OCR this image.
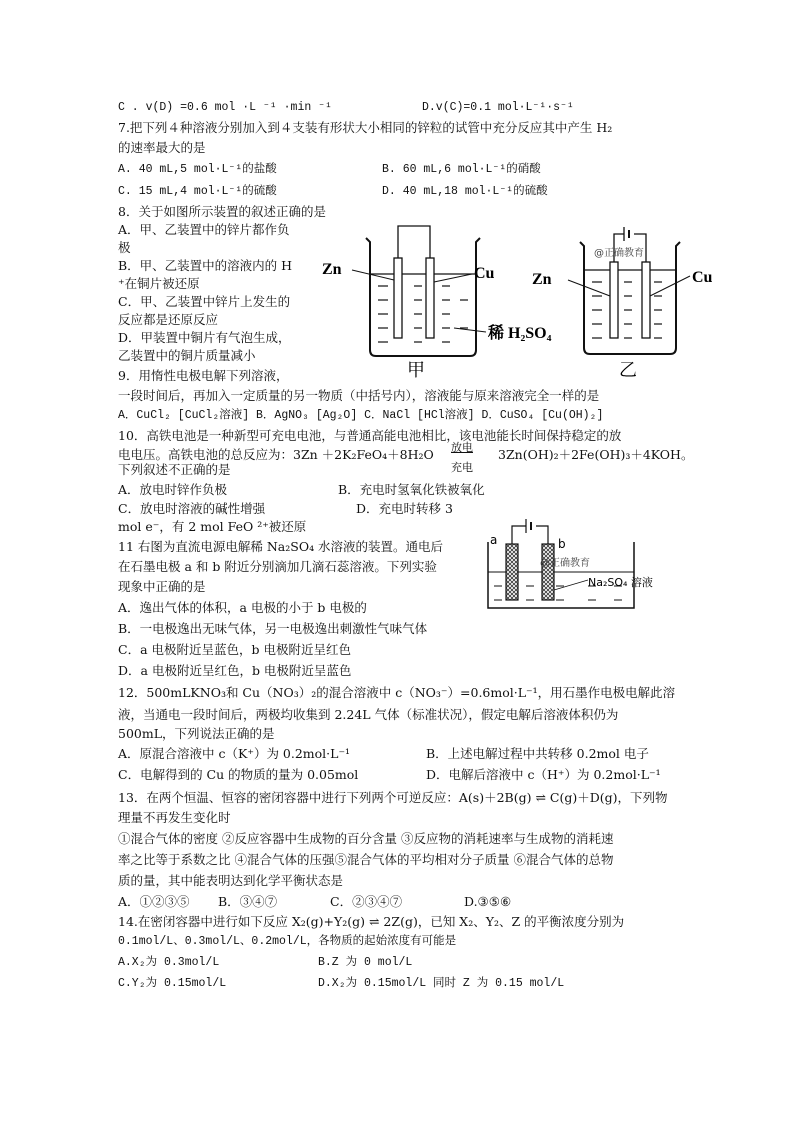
C . v(D) =0.6 mol ·L ⁻¹ ·min ⁻¹	D.v(C)=0.1 mol·L⁻¹·s⁻¹
7.把下列４种溶液分别加入到４支装有形状大小相同的锌粒的试管中充分反应其中产生 H₂
的速率最大的是
A. 40 mL,5 mol·L⁻¹的盐酸	B. 60 mL,6 mol·L⁻¹的硝酸
C. 15 mL,4 mol·L⁻¹的硫酸	D. 40 mL,18 mol·L⁻¹的硫酸
8．关于如图所示装置的叙述正确的是
A．甲、乙装置中的锌片都作负
极
B．甲、乙装置中的溶液内的 H
⁺在铜片被还原
C．甲、乙装置中锌片上发生的
反应都是还原反应
D．甲装置中铜片有气泡生成，
乙装置中的铜片质量减小
Zn	Cu
稀 H₂SO₄
甲
@正确教育
Zn	Cu
乙
9．用惰性电极电解下列溶液，
一段时间后，再加入一定质量的另一物质（中括号内），溶液能与原来溶液完全一样的是
A．CuCl₂ [CuCl₂溶液] B．AgNO₃ [Ag₂O] C．NaCl [HCl溶液] D．CuSO₄ [Cu(OH)₂]
10．高铁电池是一种新型可充电电池，与普通高能电池相比，该电池能长时间保持稳定的放
电电压。高铁电池的总反应为：3Zn ＋2K₂FeO₄＋8H₂O 放电
充电
3Zn(OH)₂＋2Fe(OH)₃＋4KOH。
下列叙述不正确的是
A．放电时锌作负极	B．充电时氢氧化铁被氧化
C．放电时溶液的碱性增强	D．充电时转移 3
mol e⁻，有 2 mol FeO ²⁺被还原
11 右图为直流电源电解稀 Na₂SO₄ 水溶液的装置。通电后
在石墨电极 a 和 b 附近分别滴加几滴石蕊溶液。下列实验
现象中正确的是
A．逸出气体的体积，a 电极的小于 b 电极的
B．一电极逸出无味气体，另一电极逸出刺激性气味气体
C．a 电极附近呈蓝色，b 电极附近呈红色
D．a 电极附近呈红色，b 电极附近呈蓝色
a	b
@正确教育
Na₂SO₄ 溶液
12．500mLKNO₃和 Cu（NO₃）₂的混合溶液中 c（NO₃⁻）=0.6mol·L⁻¹，用石墨作电极电解此溶
液，当通电一段时间后，两极均收集到 2.24L 气体（标准状况），假定电解后溶液体积仍为
500mL，下列说法正确的是
A．原混合溶液中 c（K⁺）为 0.2mol·L⁻¹	B．上述电解过程中共转移 0.2mol 电子
C．电解得到的 Cu 的物质的量为 0.05mol	D．电解后溶液中 c（H⁺）为 0.2mol·L⁻¹
13．在两个恒温、恒容的密闭容器中进行下列两个可逆反应：A(s)＋2B(g) ⇌ C(g)＋D(g)，下列物
理量不再发生变化时
①混合气体的密度 ②反应容器中生成物的百分含量 ③反应物的消耗速率与生成物的消耗速
率之比等于系数之比 ④混合气体的压强⑤混合气体的平均相对分子质量 ⑥混合气体的总物
质的量，其中能表明达到化学平衡状态是
A．①②③⑤ B．③④⑦	C．②③④⑦	D.③⑤⑥
14.在密闭容器中进行如下反应 X₂(g)+Y₂(g) ⇌ 2Z(g)，已知 X₂、Y₂、Z 的平衡浓度分别为
0.1mol/L、0.3mol/L、0.2mol/L，各物质的起始浓度有可能是
A.X₂为 0.3mol/L	B.Z 为 0 mol/L
C.Y₂为 0.15mol/L	D.X₂为 0.15mol/L 同时 Z 为 0.15 mol/L
